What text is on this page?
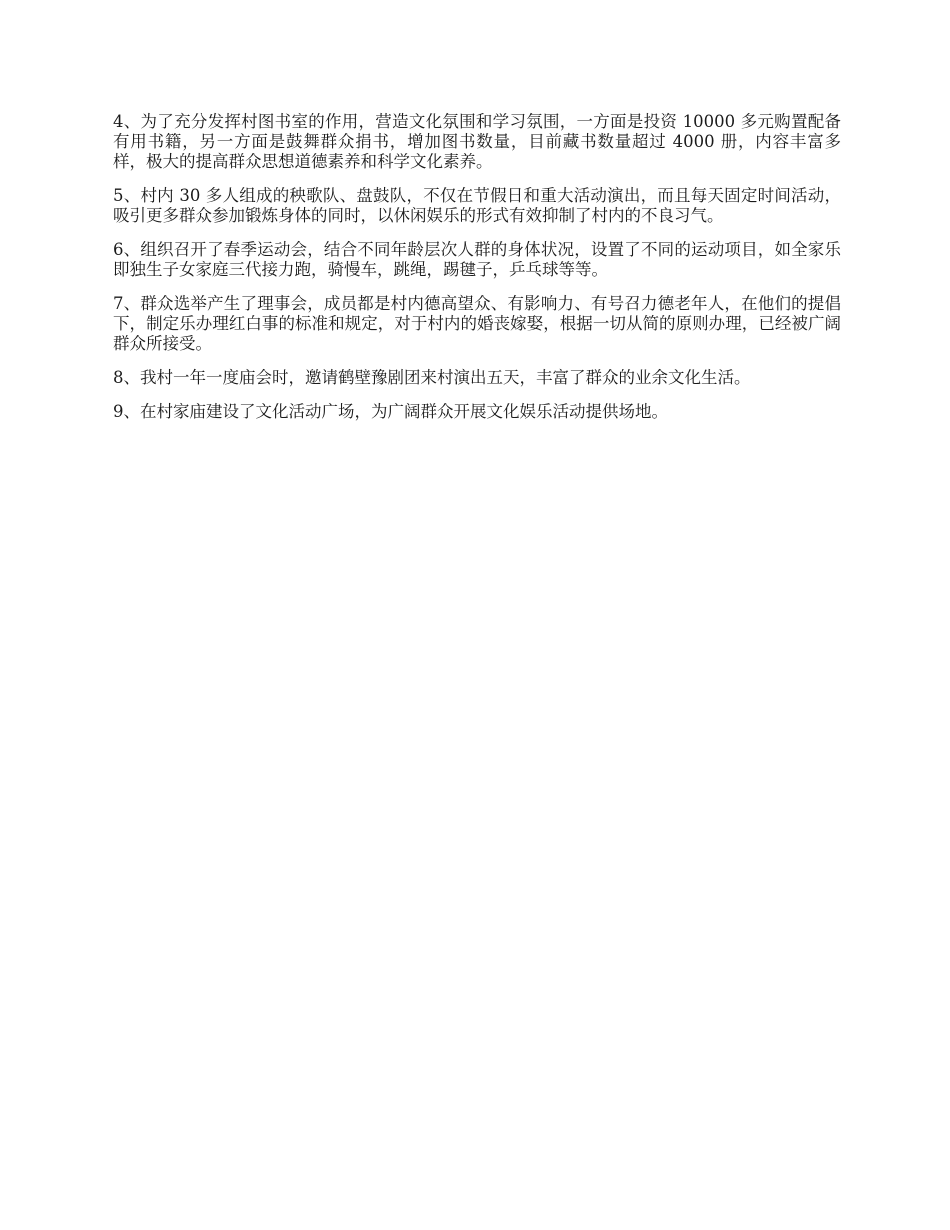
4、为了充分发挥村图书室的作用，营造文化氛围和学习氛围，一方面是投资 10000 多元购置配备有用书籍，另一方面是鼓舞群众捐书，增加图书数量，目前藏书数量超过 4000 册，内容丰富多样，极大的提高群众思想道德素养和科学文化素养。

5、村内 30 多人组成的秧歌队、盘鼓队，不仅在节假日和重大活动演出，而且每天固定时间活动，吸引更多群众参加锻炼身体的同时，以休闲娱乐的形式有效抑制了村内的不良习气。

6、组织召开了春季运动会，结合不同年龄层次人群的身体状况，设置了不同的运动项目，如全家乐即独生子女家庭三代接力跑，骑慢车，跳绳，踢毽子，乒乓球等等。

7、群众选举产生了理事会，成员都是村内德高望众、有影响力、有号召力德老年人，在他们的提倡下，制定乐办理红白事的标准和规定，对于村内的婚丧嫁娶，根据一切从简的原则办理，已经被广阔群众所接受。

8、我村一年一度庙会时，邀请鹤壁豫剧团来村演出五天，丰富了群众的业余文化生活。

9、在村家庙建设了文化活动广场，为广阔群众开展文化娱乐活动提供场地。
